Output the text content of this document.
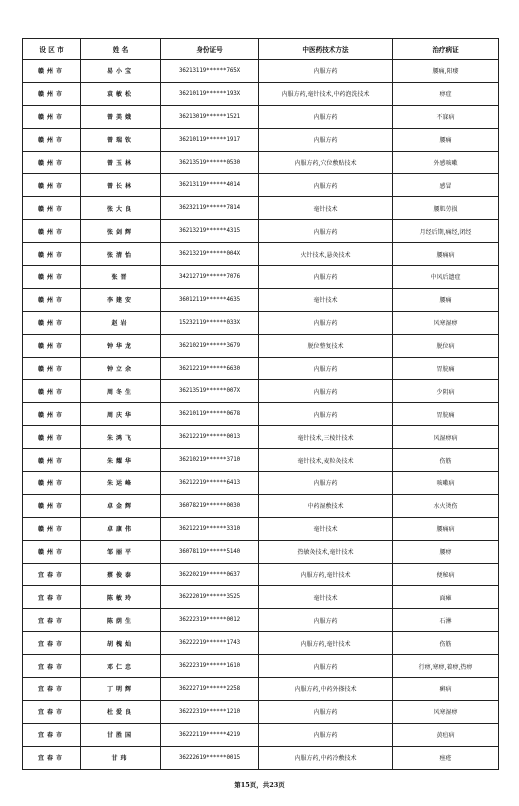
设 区 市	姓 名	身份证号	中医药技术方法	治疗病证
赣州市	易小宝	36213119******765X	内服方药	腰痛,阳痿
赣州市	袁敏松	36210119******193X	内服方药,毫针技术,中药泡洗技术	痹症
赣州市	曾美娥	36213019******1521	内服方药	不寐病
赣州市	曾瑞钦	36210119******1917	内服方药	腰痛
赣州市	曾玉林	36213519******0530	内服方药,穴位敷贴技术	外感咳嗽
赣州市	曾长林	36213119******4014	内服方药	感冒
赣州市	张大良	36232119******7814	毫针技术	腰肌劳损
赣州市	张剑辉	36213219******4315	内服方药	月经后期,痛经,闭经
赣州市	张清怡	36213219******004X	火针技术,悬灸技术	腰痛病
赣州市	张晋	34212719******7076	内服方药	中风后遗症
赣州市	李建安	36012119******4635	毫针技术	腰痛
赣州市	赵岩	15232119******033X	内服方药	风寒湿痹
赣州市	钟华龙	36210219******3679	脱位整复技术	脱位病
赣州市	钟立余	36212219******6630	内服方药	胃脘痛
赣州市	周冬生	36213519******007X	内服方药	少阴病
赣州市	周庆华	36210119******0678	内服方药	胃脘痛
赣州市	朱鸿飞	36212219******0013	毫针技术,三棱针技术	风湿痹病
赣州市	朱耀华	36210219******3710	毫针技术,麦粒灸技术	伤筋
赣州市	朱运峰	36212219******6413	内服方药	咳嗽病
赣州市	卓金辉	36078219******0030	中药湿敷技术	水火烫伤
赣州市	卓康伟	36212219******3310	毫针技术	腰痛病
赣州市	邹丽平	36078119******5140	热敏灸技术,毫针技术	腰痹
宜春市	蔡俊泰	36220219******0637	内服方药,毫针技术	便秘病
宜春市	陈敏玲	36222019******3525	毫针技术	面瘫
宜春市	陈荫生	36222319******0012	内服方药	石淋
宜春市	胡槐灿	36222219******1743	内服方药,毫针技术	伤筋
宜春市	邓仁忠	36222319******1610	内服方药	行痹,寒痹,着痹,热痹
宜春市	丁明辉	36222719******2258	内服方药,中药外搽技术	癣病
宜春市	杜爱良	36222319******1210	内服方药	风寒湿痹
宜春市	甘胜国	36222119******4219	内服方药	黄疸病
宜春市	甘玮	36222619******0015	内服方药,中药冷敷技术	痤疮
第15页，共23页
